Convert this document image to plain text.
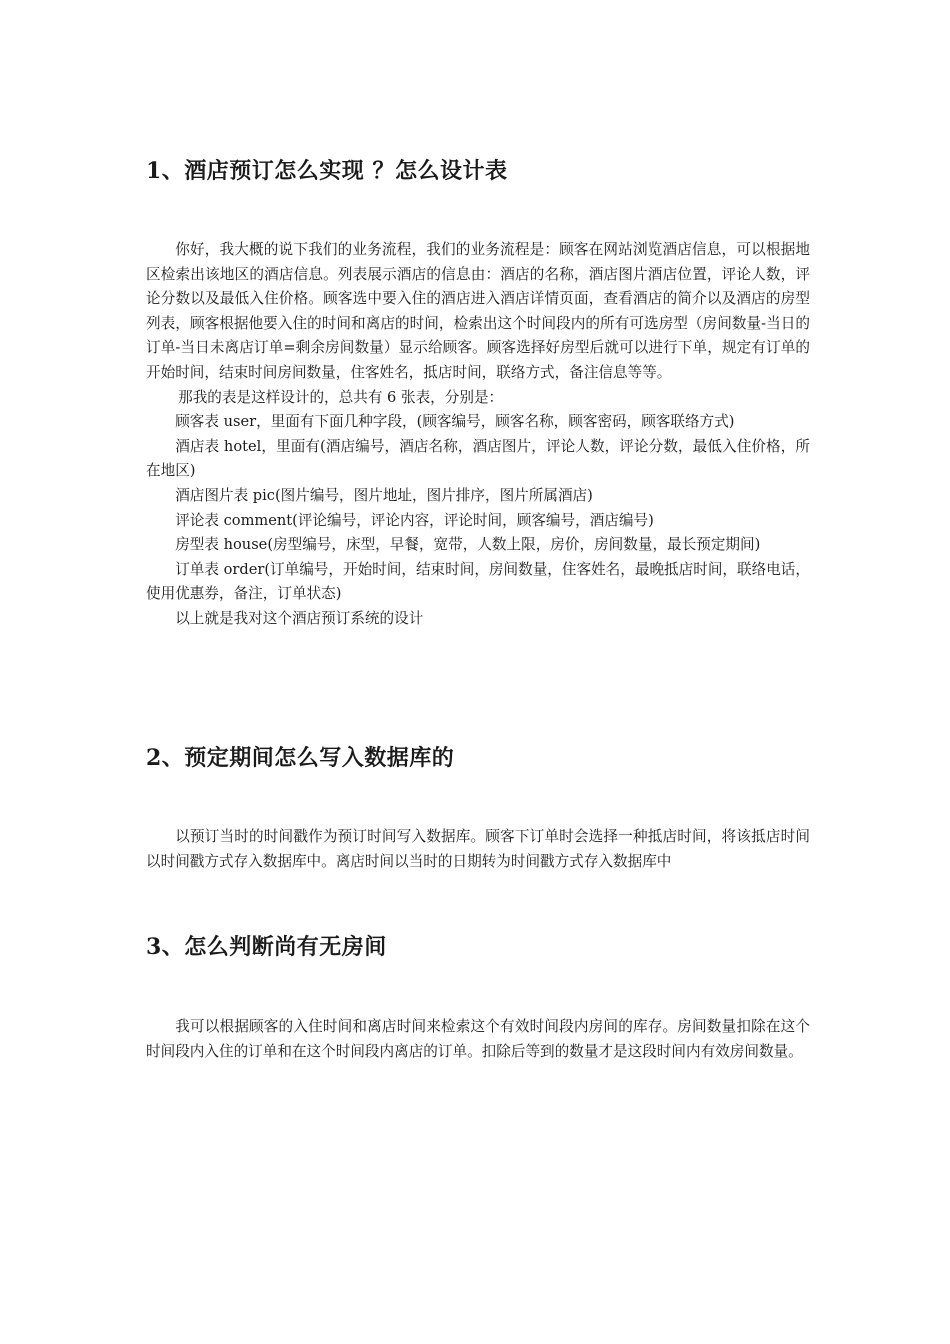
1、酒店预订怎么实现 ？怎么设计表

你好，我大概的说下我们的业务流程，我们的业务流程是：顾客在网站浏览酒店信息，可以根据地区检索出该地区的酒店信息。列表展示酒店的信息由：酒店的名称，酒店图片酒店位置，评论人数，评论分数以及最低入住价格。顾客选中要入住的酒店进入酒店详情页面，查看酒店的简介以及酒店的房型列表，顾客根据他要入住的时间和离店的时间，检索出这个时间段内的所有可选房型（房间数量-当日的订单-当日未离店订单=剩余房间数量）显示给顾客。顾客选择好房型后就可以进行下单，规定有订单的开始时间，结束时间房间数量，住客姓名，抵店时间，联络方式，备注信息等等。

那我的表是这样设计的，总共有 6 张表，分别是：

顾客表 user，里面有下面几种字段，(顾客编号，顾客名称，顾客密码，顾客联络方式)

酒店表 hotel，里面有(酒店编号，酒店名称，酒店图片，评论人数，评论分数，最低入住价格，所在地区)

酒店图片表 pic(图片编号，图片地址，图片排序，图片所属酒店)

评论表 comment(评论编号，评论内容，评论时间，顾客编号，酒店编号)

房型表 house(房型编号，床型，早餐，宽带，人数上限，房价，房间数量，最长预定期间)

订单表 order(订单编号，开始时间，结束时间，房间数量，住客姓名，最晚抵店时间，联络电话，使用优惠券，备注，订单状态)

以上就是我对这个酒店预订系统的设计

2、预定期间怎么写入数据库的

以预订当时的时间戳作为预订时间写入数据库。顾客下订单时会选择一种抵店时间，将该抵店时间以时间戳方式存入数据库中。离店时间以当时的日期转为时间戳方式存入数据库中

3、怎么判断尚有无房间

我可以根据顾客的入住时间和离店时间来检索这个有效时间段内房间的库存。房间数量扣除在这个时间段内入住的订单和在这个时间段内离店的订单。扣除后等到的数量才是这段时间内有效房间数量。
